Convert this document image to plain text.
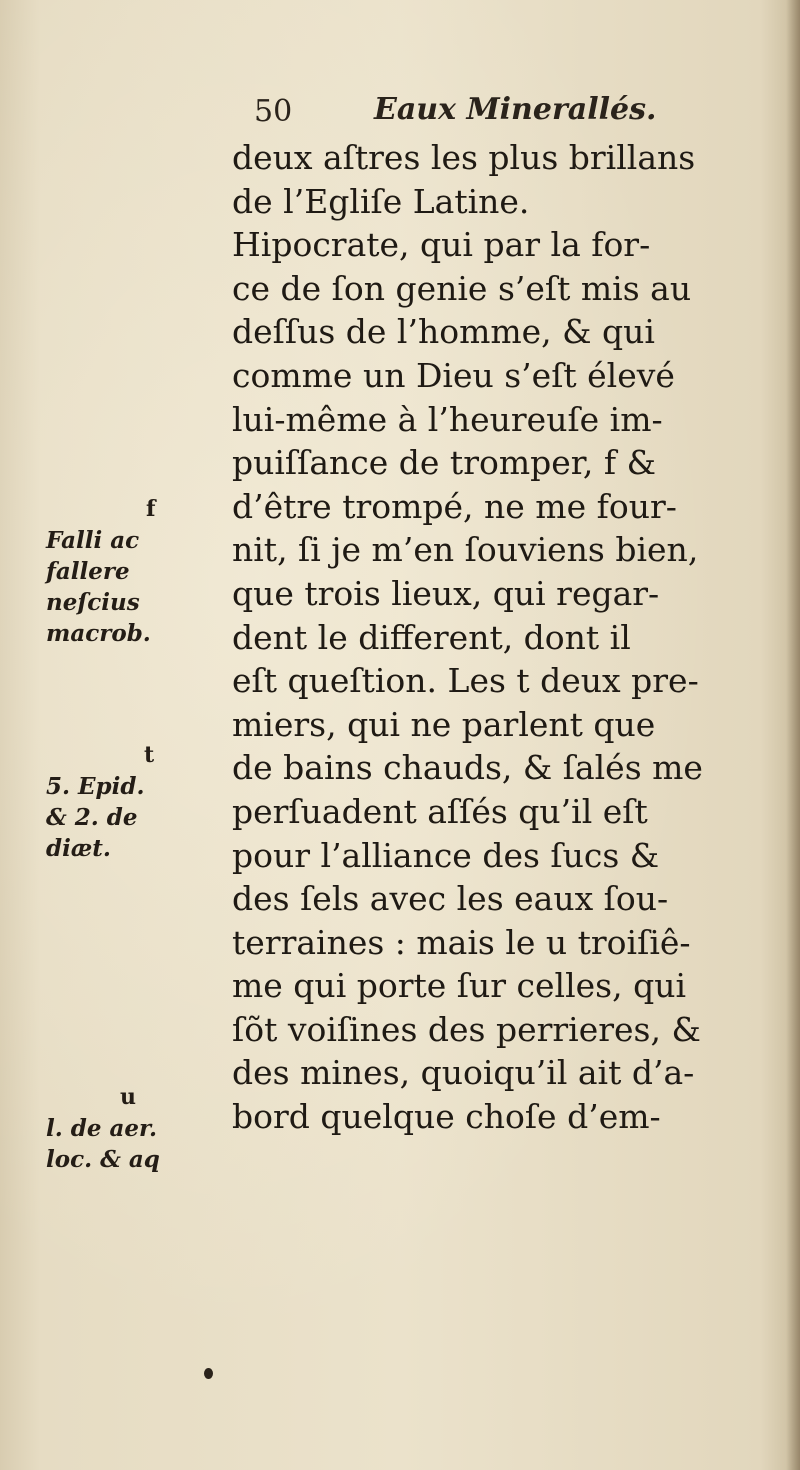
50	Eaux Minerallés.
deux aſtres les plus brillans
de l’Egliſe Latine.
Hipocrate, qui par la for-
ce de ſon genie s’eſt mis au
deſſus de l’homme, & qui
comme un Dieu s’eſt élevé
lui-même à l’heureuſe im-
puiſſance de tromper, f &
d’être trompé, ne me four-
nit, ſi je m’en ſouviens bien,
que trois lieux, qui regar-
dent le different, dont il
eſt queſtion. Les t deux pre-
miers, qui ne parlent que
de bains chauds, & ſalés me
perſuadent aſſés qu’il eſt
pour l’alliance des ſucs &
des ſels avec les eaux ſou-
terraines : mais le u troiſiê-
me qui porte ſur celles, qui
ſõt voiſines des perrieres, &
des mines, quoiqu’il ait d’a-
bord quelque choſe d’em-
f
Falli ac
fallere
neſcius
macrob.
t
5. Epid.
& 2. de
diæt.
u
l. de aer.
loc. & aq
